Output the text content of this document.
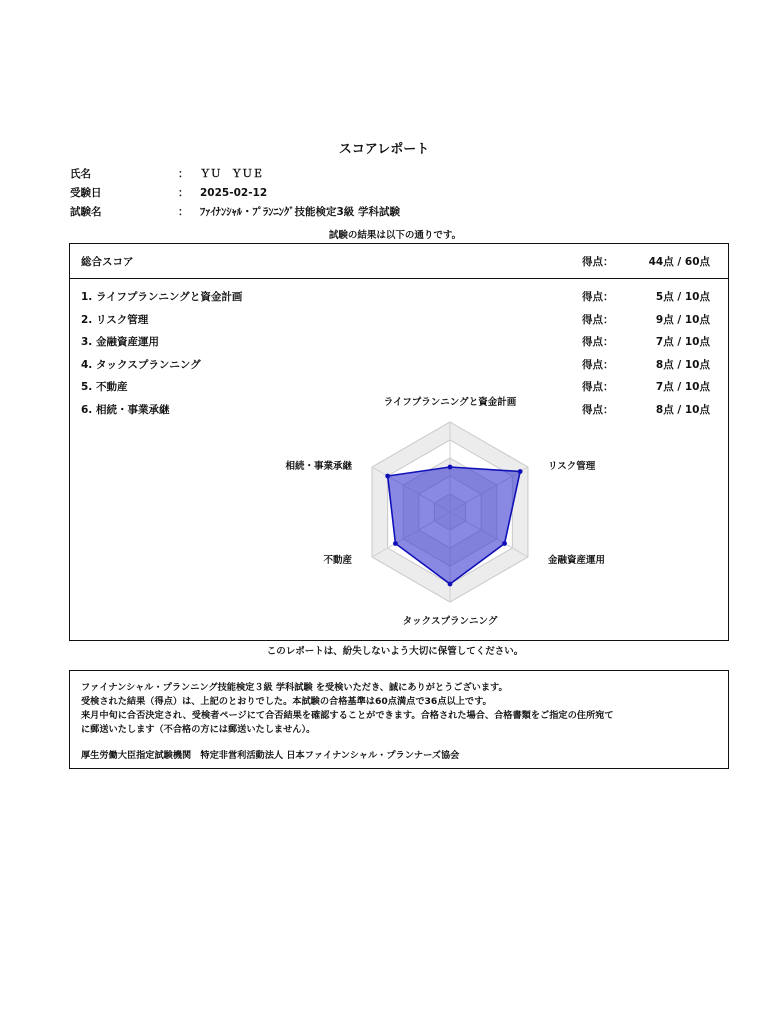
スコアレポート
氏名	： ＹＵ　ＹＵＥ
受験日	： 2025-02-12
試験名	： ﾌｧｲﾅﾝｼｬﾙ・ﾌﾟﾗﾝﾆﾝｸﾞ技能検定3級 学科試験
試験の結果は以下の通りです。
総合スコア	得点：	44点 / 60点
1. ライフプランニングと資金計画	得点：	5点 / 10点
2. リスク管理	得点：	9点 / 10点
3. 金融資産運用	得点：	7点 / 10点
4. タックスプランニング	得点：	8点 / 10点
5. 不動産	得点：	7点 / 10点
6. 相続・事業承継	得点：	8点 / 10点
ライフプランニングと資金計画
リスク管理
金融資産運用
タックスプランニング
不動産
相続・事業承継
このレポートは、紛失しないよう大切に保管してください。
ファイナンシャル・プランニング技能検定３級 学科試験 を受検いただき、誠にありがとうございます。
受検された結果（得点）は、上記のとおりでした。本試験の合格基準は60点満点で36点以上です。
来月中旬に合否決定され、受検者ページにて合否結果を確認することができます。合格された場合、合格書類をご指定の住所宛て
に郵送いたします（不合格の方には郵送いたしません）。
厚生労働大臣指定試験機関　特定非営利活動法人 日本ファイナンシャル・プランナーズ協会
